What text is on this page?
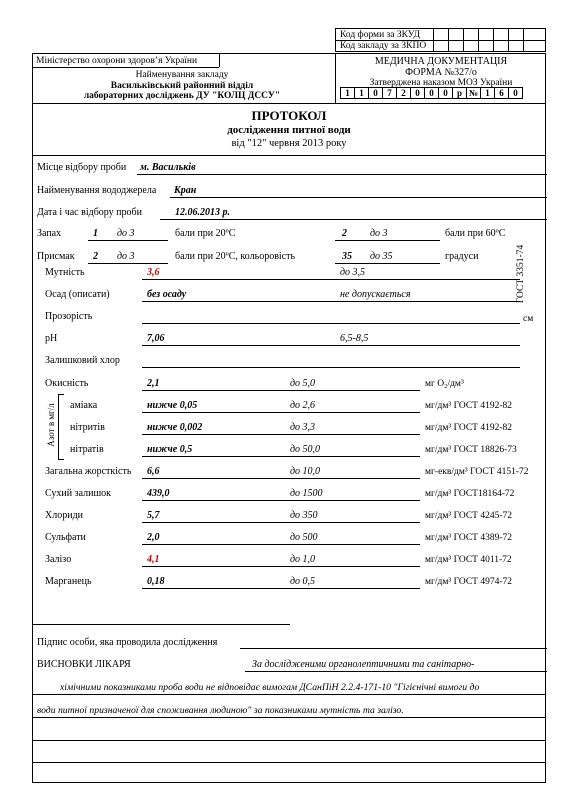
Код форми за ЗКУД
Код закладу за ЗКПО
Міністерство охорони здоров’я України
Найменування закладу
Васильківський районний відділ
лабораторних досліджень ДУ "КОЛЦ ДССУ"
МЕДИЧНА ДОКУМЕНТАЦІЯ
ФОРМА №327/о
Затверджена наказом МОЗ України
1	1	0	7	2	0	0	0	р № 1	6	0
ПРОТОКОЛ
дослідження питної води
від "12" червня 2013 року
Місце відбору проби м. Васильків
Найменування вододжерела Кран
Дата і час відбору проби	12.06.2013 р.
Запах	1 до 3	бали при 20ºС	2 до 3	бали при 60ºС
Присмак 2 до 3	бали при 20ºС, кольоровість	35 до 35	градуси	ГОСТ 3351-74
Азот в мг/л
Мутність	3,6	до 3,5
Осад (описати)	без осаду	не допускається
Прозорість	см
рН	7,06	6,5-8,5
Залишковий хлор
Окисність	2,1	до 5,0	мг О₂/дм³
аміака	нижче 0,05	до 2,6	мг/дм³ ГОСТ 4192-82
нітритів	нижче 0,002	до 3,3	мг/дм³ ГОСТ 4192-82
нітратів	нижче 0,5	до 50,0	мг/дм³ ГОСТ 18826-73
Загальна жорсткість 6,6	до 10,0	мг-екв/дм³ ГОСТ 4151-72
Сухий залишок	439,0	до 1500	мг/дм³ ГОСТ18164-72
Хлориди	5,7	до 350	мг/дм³ ГОСТ 4245-72
Сульфати	2,0	до 500	мг/дм³ ГОСТ 4389-72
Залізо	4,1	до 1,0	мг/дм³ ГОСТ 4011-72
Марганець	0,18	до 0,5	мг/дм³ ГОСТ 4974-72
Підпис особи, яка проводила дослідження
ВИСНОВКИ ЛІКАРЯ	За дослідженими органолептичними та санітарно-
хімічними показниками проба води не відповідає вимогам ДСанПіН 2.2.4-171-10 "Гігієнічні вимоги до
води питної призначеної для споживання людиною" за показниками мутність та залізо.
